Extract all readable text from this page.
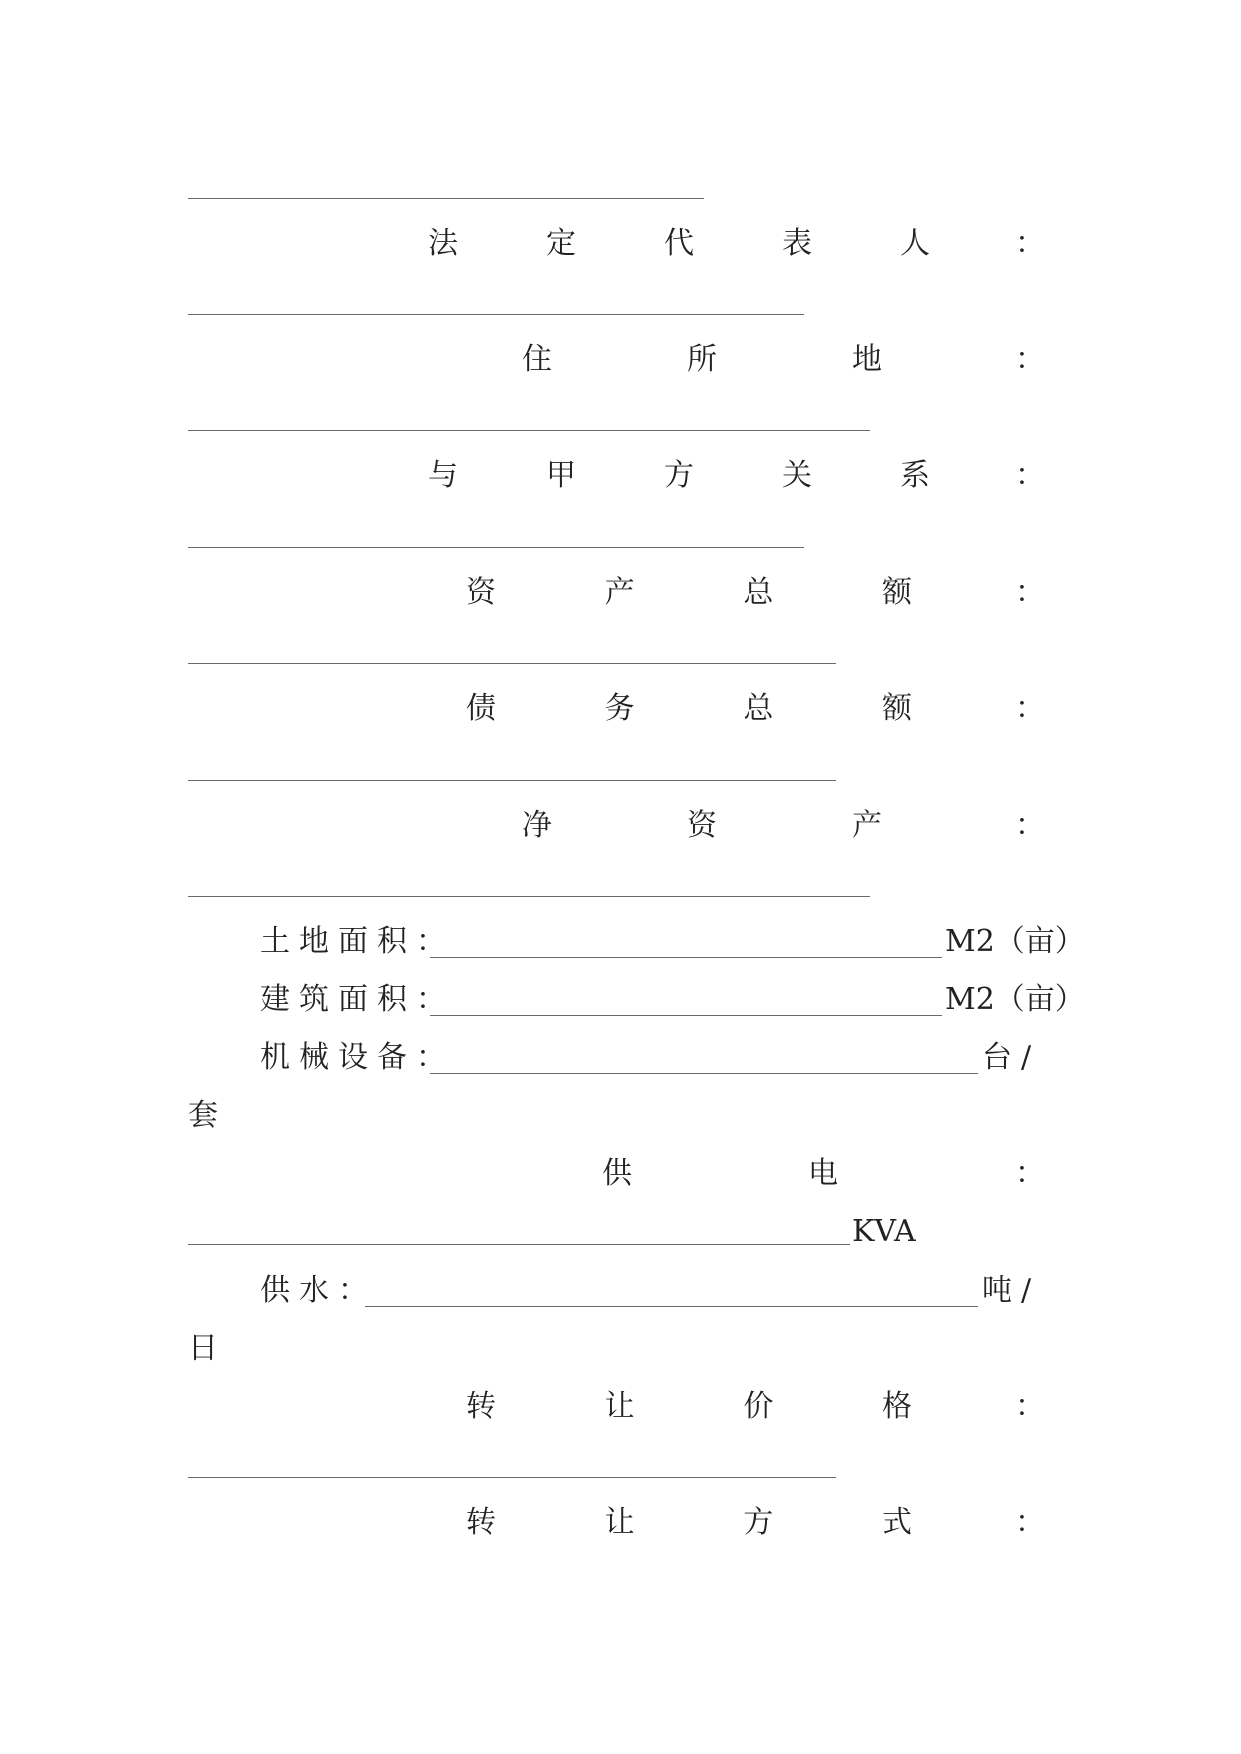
法	定	代	表	人	：
住	所	地	：
与	甲	方	关	系	：
资	产	总	额	：
债	务	总	额	：
净	资	产	：
土地面积：	M2（亩）
建筑面积：	M2（亩）
机械设备：	台/
套
供	电	：
KVA
供水：	吨/
日
转	让	价	格	：
转	让	方	式	：
